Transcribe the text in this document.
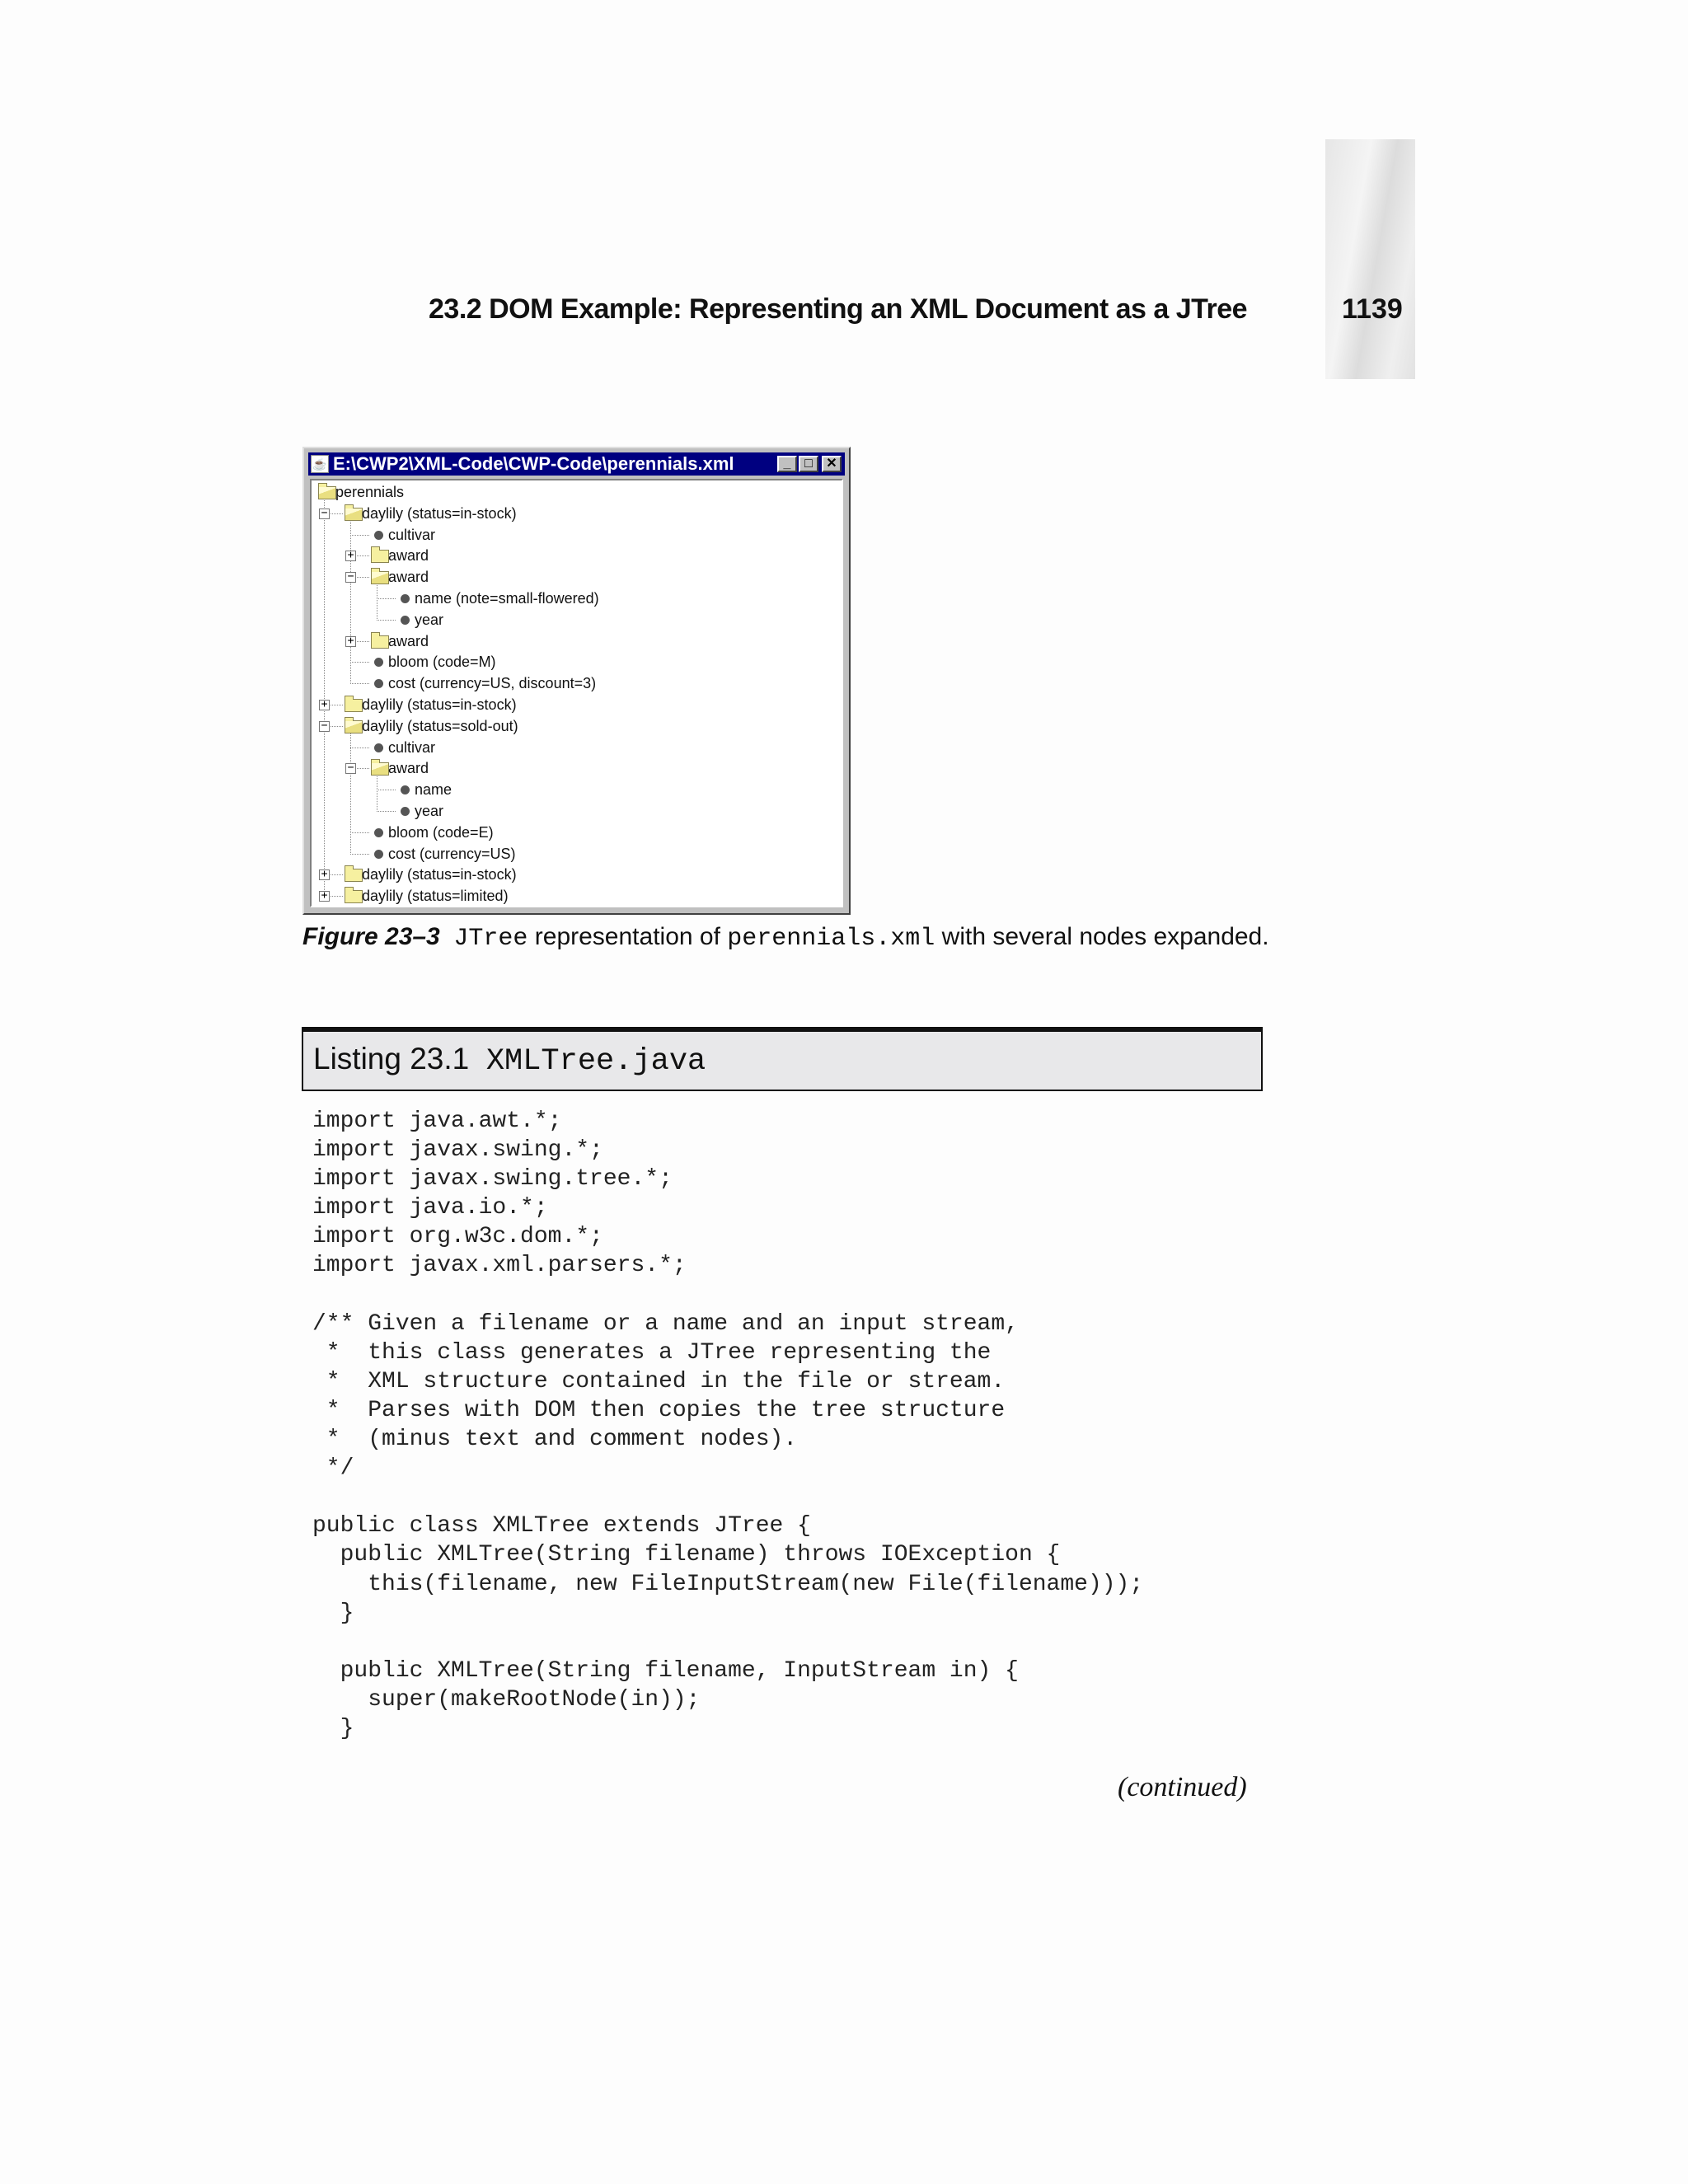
23.2 DOM Example: Representing an XML Document as a JTree	1139
☕ E:\CWP2\XML-Code\CWP-Code\perennials.xml	_	□	✕
perennials
− daylily (status=in-stock)
cultivar
+ award
− award
name (note=small-flowered)
year
+ award
bloom (code=M)
cost (currency=US, discount=3)
+ daylily (status=in-stock)
− daylily (status=sold-out)
cultivar
− award
name
year
bloom (code=E)
cost (currency=US)
+ daylily (status=in-stock)
+ daylily (status=limited)
Figure 23–3 JTree representation of perennials.xml with several nodes expanded.
Listing 23.1 XMLTree.java
import java.awt.*;
import javax.swing.*;
import javax.swing.tree.*;
import java.io.*;
import org.w3c.dom.*;
import javax.xml.parsers.*;
/** Given a filename or a name and an input stream,
*  this class generates a JTree representing the
*  XML structure contained in the file or stream.
*  Parses with DOM then copies the tree structure
*  (minus text and comment nodes).
*/
public class XMLTree extends JTree {
public XMLTree(String filename) throws IOException {
this(filename, new FileInputStream(new File(filename)));
}
public XMLTree(String filename, InputStream in) {
super(makeRootNode(in));
}
(continued)
